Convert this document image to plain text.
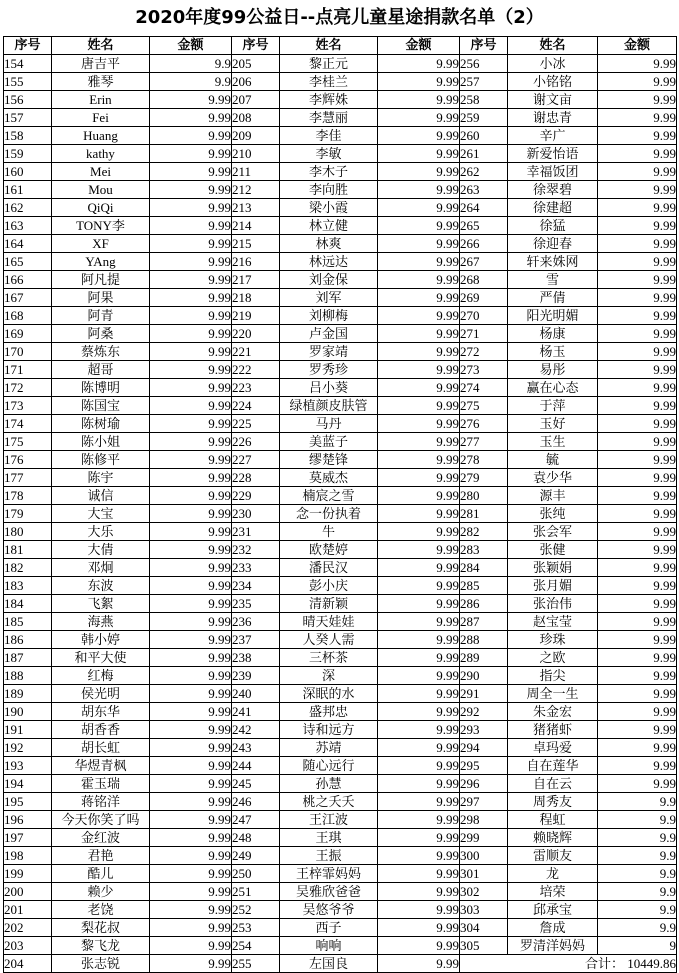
2020年度99公益日--点亮儿童星途捐款名单（2）
序号	姓名	金额	序号	姓名	金额	序号	姓名	金额
154	唐吉平	9.9	205	黎正元	9.99	256	小冰	9.99
155	雅琴	9.9	206	李桂兰	9.99	257	小铭铭	9.99
156	Erin	9.99	207	李辉姝	9.99	258	谢文亩	9.99
157	Fei	9.99	208	李慧丽	9.99	259	谢忠青	9.99
158	Huang	9.99	209	李佳	9.99	260	辛广	9.99
159	kathy	9.99	210	李敏	9.99	261	新爱怡语	9.99
160	Mei	9.99	211	李木子	9.99	262	幸福饭团	9.99
161	Mou	9.99	212	李向胜	9.99	263	徐翠碧	9.99
162	QiQi	9.99	213	梁小霞	9.99	264	徐建超	9.99
163	TONY李	9.99	214	林立健	9.99	265	徐猛	9.99
164	XF	9.99	215	林爽	9.99	266	徐迎春	9.99
165	YAng	9.99	216	林远达	9.99	267	轩来姝网	9.99
166	阿凡提	9.99	217	刘金保	9.99	268	雪	9.99
167	阿果	9.99	218	刘军	9.99	269	严倩	9.99
168	阿青	9.99	219	刘柳梅	9.99	270	阳光明媚	9.99
169	阿桑	9.99	220	卢金国	9.99	271	杨康	9.99
170	蔡炼东	9.99	221	罗家靖	9.99	272	杨玉	9.99
171	超哥	9.99	222	罗秀珍	9.99	273	易彤	9.99
172	陈博明	9.99	223	吕小葵	9.99	274	赢在心态	9.99
173	陈国宝	9.99	224	绿植颜皮肤管	9.99	275	于萍	9.99
174	陈树瑜	9.99	225	马丹	9.99	276	玉好	9.99
175	陈小姐	9.99	226	美蓝子	9.99	277	玉生	9.99
176	陈修平	9.99	227	缪楚锋	9.99	278	毓	9.99
177	陈宇	9.99	228	莫威杰	9.99	279	袁少华	9.99
178	诚信	9.99	229	楠宸之雪	9.99	280	源丰	9.99
179	大宝	9.99	230	念一份执着	9.99	281	张纯	9.99
180	大乐	9.99	231	牛	9.99	282	张会军	9.99
181	大倩	9.99	232	欧楚婷	9.99	283	张健	9.99
182	邓炯	9.99	233	潘民汉	9.99	284	张颖娟	9.99
183	东波	9.99	234	彭小庆	9.99	285	张月媚	9.99
184	飞絮	9.99	235	清新颖	9.99	286	张治伟	9.99
185	海燕	9.99	236	晴天娃娃	9.99	287	赵宝莹	9.99
186	韩小婷	9.99	237	人癸人需	9.99	288	珍珠	9.99
187	和平大使	9.99	238	三杯茶	9.99	289	之欧	9.99
188	红梅	9.99	239	深	9.99	290	指尖	9.99
189	侯光明	9.99	240	深眠的水	9.99	291	周全一生	9.99
190	胡东华	9.99	241	盛邦忠	9.99	292	朱金宏	9.99
191	胡香香	9.99	242	诗和远方	9.99	293	猪猪虾	9.99
192	胡长虹	9.99	243	苏靖	9.99	294	卓玛爱	9.99
193	华煜青枫	9.99	244	随心远行	9.99	295	自在莲华	9.99
194	霍玉瑞	9.99	245	孙慧	9.99	296	自在云	9.99
195	蒋铭洋	9.99	246	桃之夭夭	9.99	297	周秀友	9.9
196	今天你笑了吗	9.99	247	王江波	9.99	298	程虹	9.9
197	金红波	9.99	248	王琪	9.99	299	赖晓辉	9.9
198	君艳	9.99	249	王振	9.99	300	雷顺友	9.9
199	酷儿	9.99	250	王梓霏妈妈	9.99	301	龙	9.9
200	赖少	9.99	251	吴雅欣爸爸	9.99	302	培荣	9.9
201	老饶	9.99	252	吴悠爷爷	9.99	303	邱承宝	9.9
202	梨花叔	9.99	253	西子	9.99	304	詹成	9.9
203	黎飞龙	9.99	254	响响	9.99	305	罗清洋妈妈	9
204	张志锐	9.99	255	左国良	9.99	合计： 10449.86		
